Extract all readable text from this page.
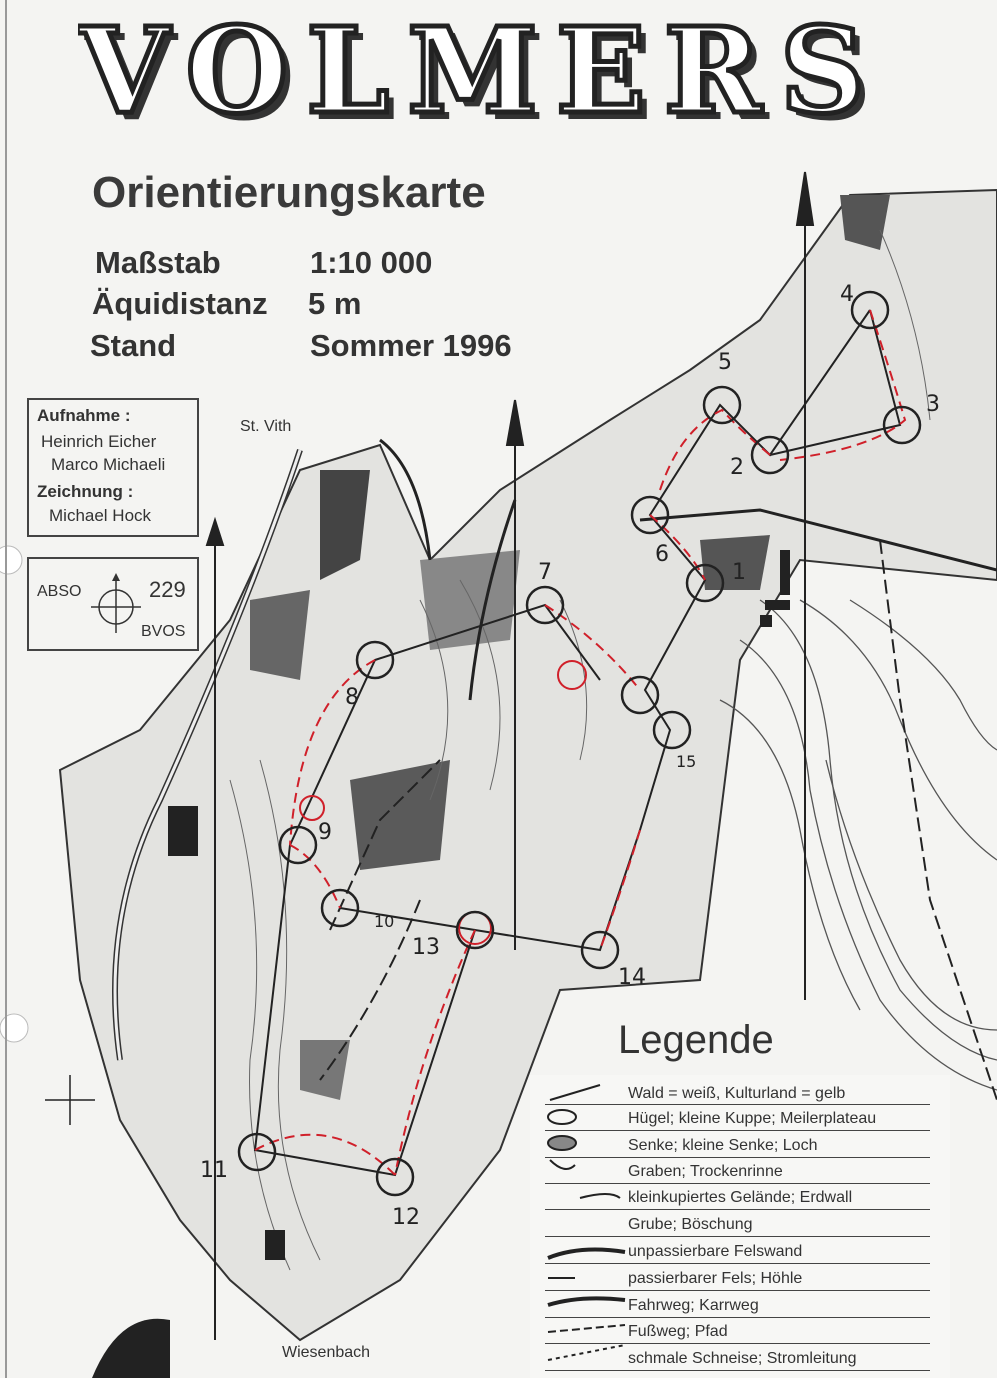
VOLMERS
Orientierungskarte
Maßstab	1:10 000
Äquidistanz 5 m
Stand	Sommer 1996
Aufnahme :
Heinrich Eicher
Marco Michaeli
Zeichnung :
Michael Hock
ABSO	229
BVOS
St. Vith
Wiesenbach
1
2
3
4
5
6
7
8
9
10
11
12
13
14
15
Legende
Wald = weiß, Kulturland = gelb
Hügel; kleine Kuppe; Meilerplateau
Senke; kleine Senke; Loch
Graben; Trockenrinne
kleinkupiertes Gelände; Erdwall
Grube; Böschung
unpassierbare Felswand
passierbarer Fels; Höhle
Fahrweg; Karrweg
Fußweg; Pfad
schmale Schneise; Stromleitung
